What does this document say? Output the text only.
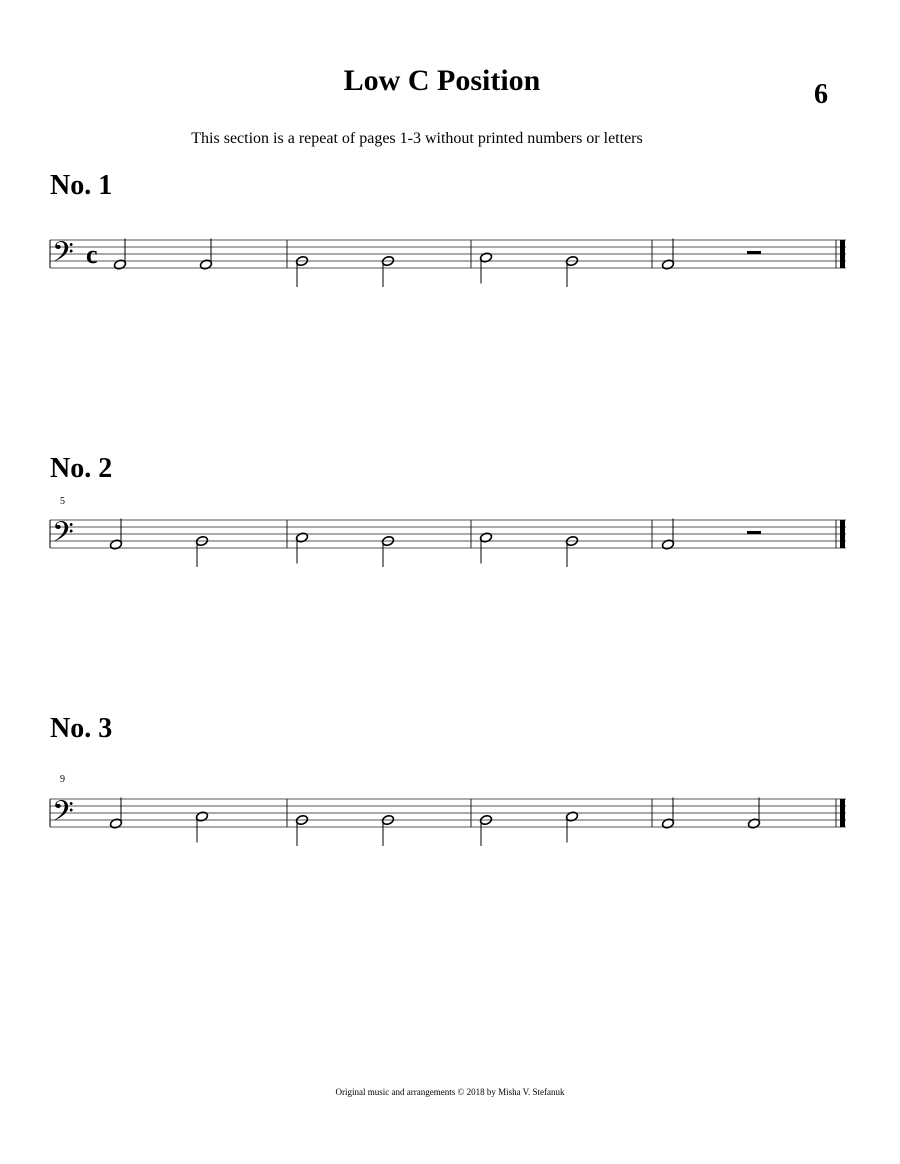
Low C Position	6
This section is a repeat of pages 1-3 without printed numbers or letters
No. 1
No. 2
5
No. 3
9
𝄢 c
𝄢
𝄢
Original music and arrangements © 2018 by Misha V. Stefanuk
